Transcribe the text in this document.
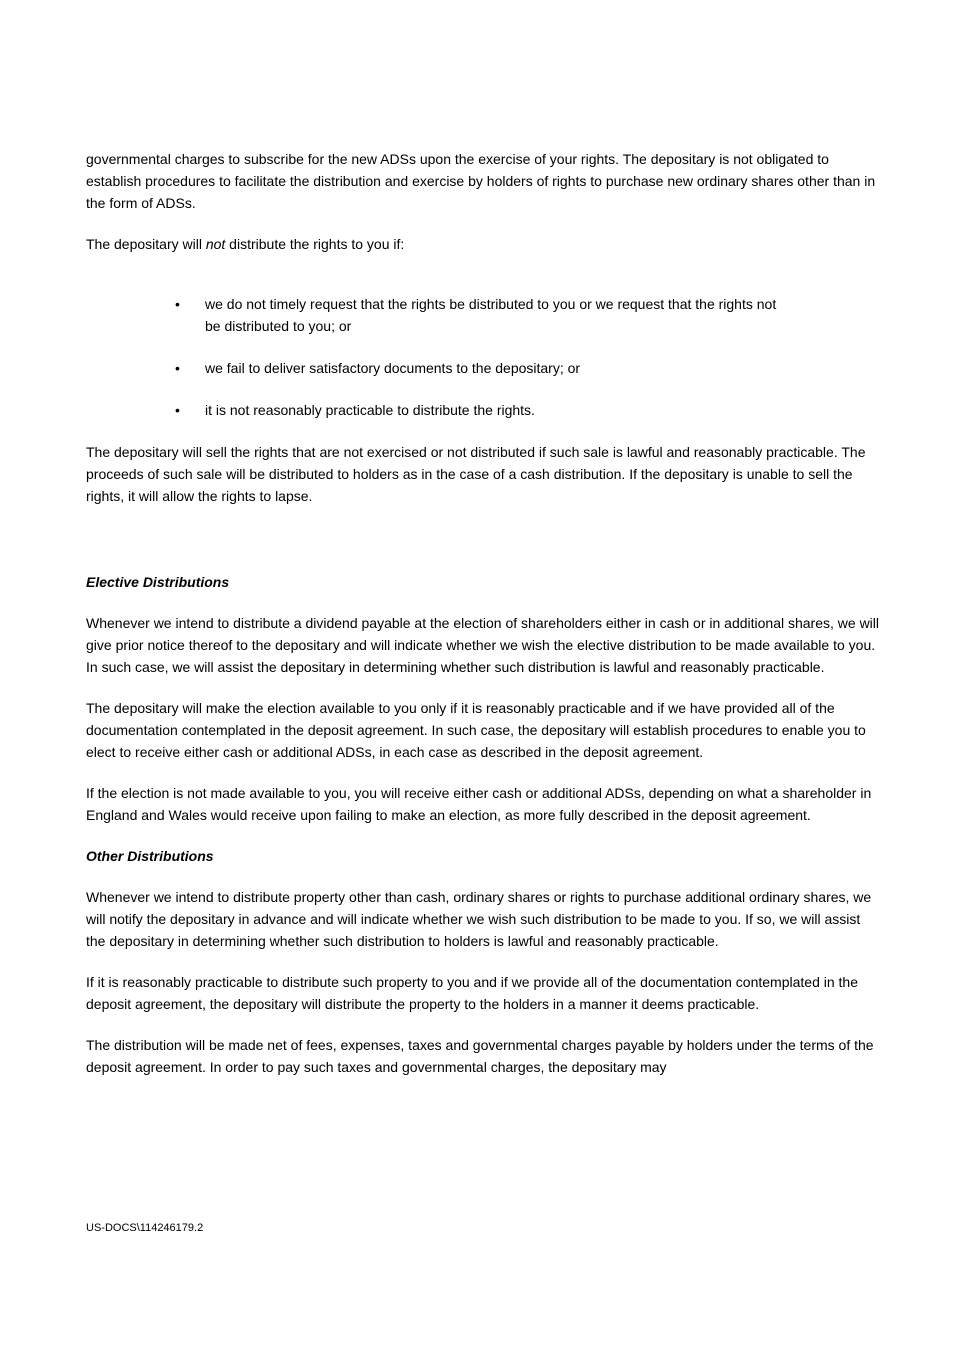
governmental charges to subscribe for the new ADSs upon the exercise of your rights. The depositary is not obligated to establish procedures to facilitate the distribution and exercise by holders of rights to purchase new ordinary shares other than in the form of ADSs.

The depositary will not distribute the rights to you if:

•	we do not timely request that the rights be distributed to you or we request that the rights not be distributed to you; or
•	we fail to deliver satisfactory documents to the depositary; or
•	it is not reasonably practicable to distribute the rights.

The depositary will sell the rights that are not exercised or not distributed if such sale is lawful and reasonably practicable. The proceeds of such sale will be distributed to holders as in the case of a cash distribution. If the depositary is unable to sell the rights, it will allow the rights to lapse.

Elective Distributions

Whenever we intend to distribute a dividend payable at the election of shareholders either in cash or in additional shares, we will give prior notice thereof to the depositary and will indicate whether we wish the elective distribution to be made available to you. In such case, we will assist the depositary in determining whether such distribution is lawful and reasonably practicable.

The depositary will make the election available to you only if it is reasonably practicable and if we have provided all of the documentation contemplated in the deposit agreement. In such case, the depositary will establish procedures to enable you to elect to receive either cash or additional ADSs, in each case as described in the deposit agreement.

If the election is not made available to you, you will receive either cash or additional ADSs, depending on what a shareholder in England and Wales would receive upon failing to make an election, as more fully described in the deposit agreement.

Other Distributions

Whenever we intend to distribute property other than cash, ordinary shares or rights to purchase additional ordinary shares, we will notify the depositary in advance and will indicate whether we wish such distribution to be made to you. If so, we will assist the depositary in determining whether such distribution to holders is lawful and reasonably practicable.

If it is reasonably practicable to distribute such property to you and if we provide all of the documentation contemplated in the deposit agreement, the depositary will distribute the property to the holders in a manner it deems practicable.

The distribution will be made net of fees, expenses, taxes and governmental charges payable by holders under the terms of the deposit agreement. In order to pay such taxes and governmental charges, the depositary may

US-DOCS\114246179.2
